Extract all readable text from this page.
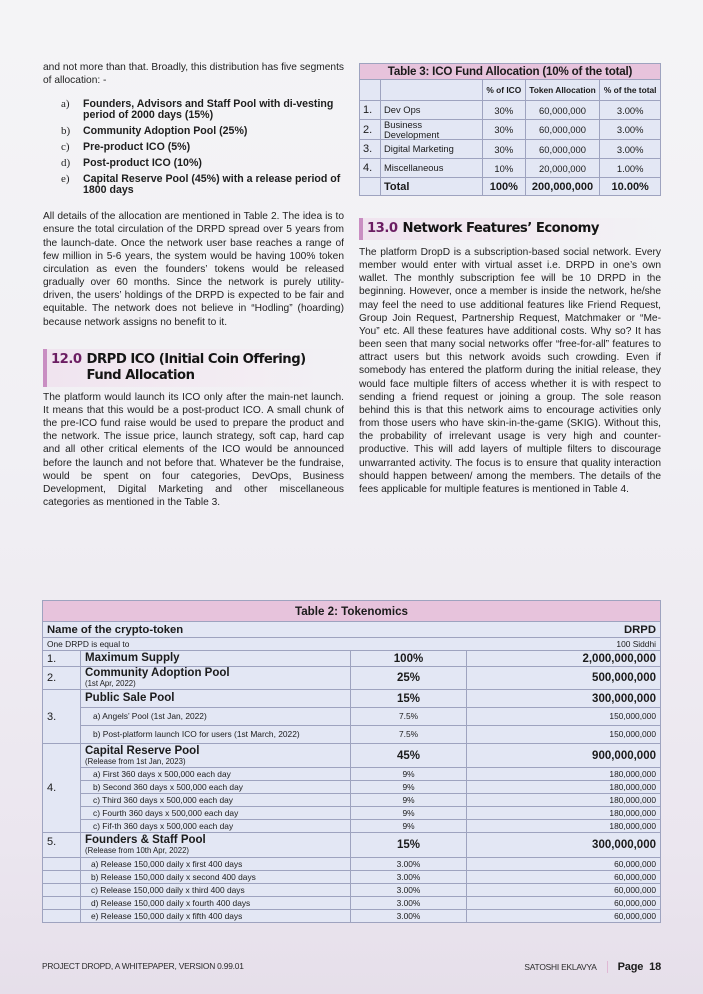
and not more than that. Broadly, this distribution has five segments of allocation: -

a)	Founders, Advisors and Staff Pool with di-vesting period of 2000 days (15%)
b)	Community Adoption Pool (25%)
c)	Pre-product ICO (5%)
d)	Post-product ICO (10%)
e)	Capital Reserve Pool (45%) with a release period of 1800 days

All details of the allocation are mentioned in Table 2. The idea is to ensure the total circulation of the DRPD spread over 5 years from the launch-date. Once the network user base reaches a range of few million in 5-6 years, the system would be having 100% token circulation as even the founders’ tokens would be released gradually over 60 months. Since the network is purely utility-driven, the users’ holdings of the DRPD is expected to be fair and equitable. The network does not believe in “Hodling” (hoarding) because network assigns no benefit to it.

12.0 DRPD ICO (Initial Coin Offering) Fund Allocation

The platform would launch its ICO only after the main-net launch. It means that this would be a post-product ICO. A small chunk of the pre-ICO fund raise would be used to prepare the product and the network. The issue price, launch strategy, soft cap, hard cap and all other critical elements of the ICO would be announced before the launch and not before that. Whatever be the fundraise, would be spent on four categories, DevOps, Business Development, Digital Marketing and other miscellaneous categories as mentioned in the Table 3.

Table 3: ICO Fund Allocation (10% of the total)				
		% of ICO	Token Allocation	% of the total
1.	Dev Ops	30%	60,000,000	3.00%
2.	Business Development	30%	60,000,000	3.00%
3.	Digital Marketing	30%	60,000,000	3.00%
4.	Miscellaneous	10%	20,000,000	1.00%
	Total	100%	200,000,000	10.00%
13.0 Network Features’ Economy

The platform DropD is a subscription-based social network. Every member would enter with virtual asset i.e. DRPD in one’s own wallet. The monthly subscription fee will be 10 DRPD in the beginning. However, once a member is inside the network, he/she may feel the need to use additional features like Friend Request, Group Join Request, Partnership Request, Matchmaker or “Me-You” etc. All these features have additional costs. Why so? It has been seen that many social networks offer “free-for-all” features to attract users but this network avoids such crowding. Even if somebody has entered the platform during the initial release, they would face multiple filters of access whether it is with respect to sending a friend request or joining a group. The sole reason behind this is that this network aims to encourage activities only from those users who have skin-in-the-game (SKIG). Without this, the probability of irrelevant usage is very high and counter-productive. This will add layers of multiple filters to discourage unwarranted activity. The focus is to ensure that quality interaction should happen between/ among the members. The details of the fees applicable for multiple features is mentioned in Table 4.

Table 2: Tokenomics			
Name of the crypto-token		DRPD	
One DRPD is equal to		100 Siddhi	
1.	Maximum Supply	100%	2,000,000,000
2.	Community Adoption Pool
(1st Apr, 2022)	25%	500,000,000
3.	Public Sale Pool	15%	300,000,000
	a) Angels’ Pool (1st Jan, 2022)	7.5%	150,000,000
	b) Post-platform launch ICO for users (1st March, 2022)	7.5%	150,000,000
4.	Capital Reserve Pool
(Release from 1st Jan, 2023)	45%	900,000,000
	a) First 360 days x 500,000 each day	9%	180,000,000
	b) Second 360 days x 500,000 each day	9%	180,000,000
	c) Third 360 days x 500,000 each day	9%	180,000,000
	c) Fourth 360 days x 500,000 each day	9%	180,000,000
	c) Fif-th 360 days x 500,000 each day	9%	180,000,000
5.	Founders & Staff Pool
(Release from 10th Apr, 2022)	15%	300,000,000
	a) Release 150,000 daily x first 400 days	3.00%	60,000,000
	b) Release 150,000 daily x second 400 days	3.00%	60,000,000
	c) Release 150,000 daily x third 400 days	3.00%	60,000,000
	d) Release 150,000 daily x fourth 400 days	3.00%	60,000,000
	e) Release 150,000 daily x fifth 400 days	3.00%	60,000,000
PROJECT DROPD, A WHITEPAPER, VERSION 0.99.01	SATOSHI EKLAVYA Page 18
